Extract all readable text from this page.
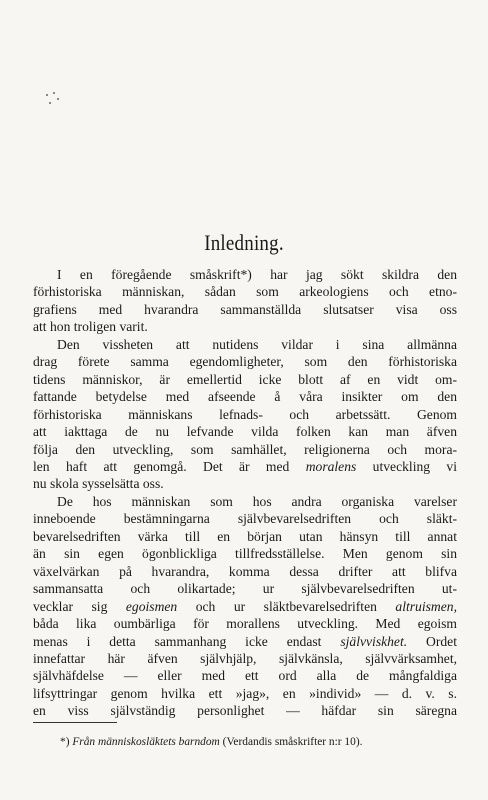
Inledning.
I en föregående småskrift*) har jag sökt skildra den
förhistoriska människan, sådan som arkeologiens och etno-
grafiens med hvarandra sammanställda slutsatser visa oss
att hon troligen varit.
Den vissheten att nutidens vildar i sina allmänna
drag förete samma egendomligheter, som den förhistoriska
tidens människor, är emellertid icke blott af en vidt om-
fattande betydelse med afseende å våra insikter om den
förhistoriska människans lefnads- och arbetssätt. Genom
att iakttaga de nu lefvande vilda folken kan man äfven
följa den utveckling, som samhället, religionerna och mora-
len haft att genomgå. Det är med moralens utveckling vi
nu skola sysselsätta oss.
De hos människan som hos andra organiska varelser
inneboende bestämningarna självbevarelsedriften och släkt-
bevarelsedriften värka till en början utan hänsyn till annat
än sin egen ögonblickliga tillfredsställelse. Men genom sin
växelvärkan på hvarandra, komma dessa drifter att blifva
sammansatta och olikartade; ur självbevarelsedriften ut-
vecklar sig egoismen och ur släktbevarelsedriften altruismen,
båda lika oumbärliga för morallens utveckling. Med egoism
menas i detta sammanhang icke endast självviskhet. Ordet
innefattar här äfven självhjälp, självkänsla, självvärksamhet,
självhäfdelse — eller med ett ord alla de mångfaldiga
lifsyttringar genom hvilka ett »jag», en »individ» — d. v. s.
en viss självständig personlighet — häfdar sin säregna
*) Från människosläktets barndom (Verdandis småskrifter n:r 10).
